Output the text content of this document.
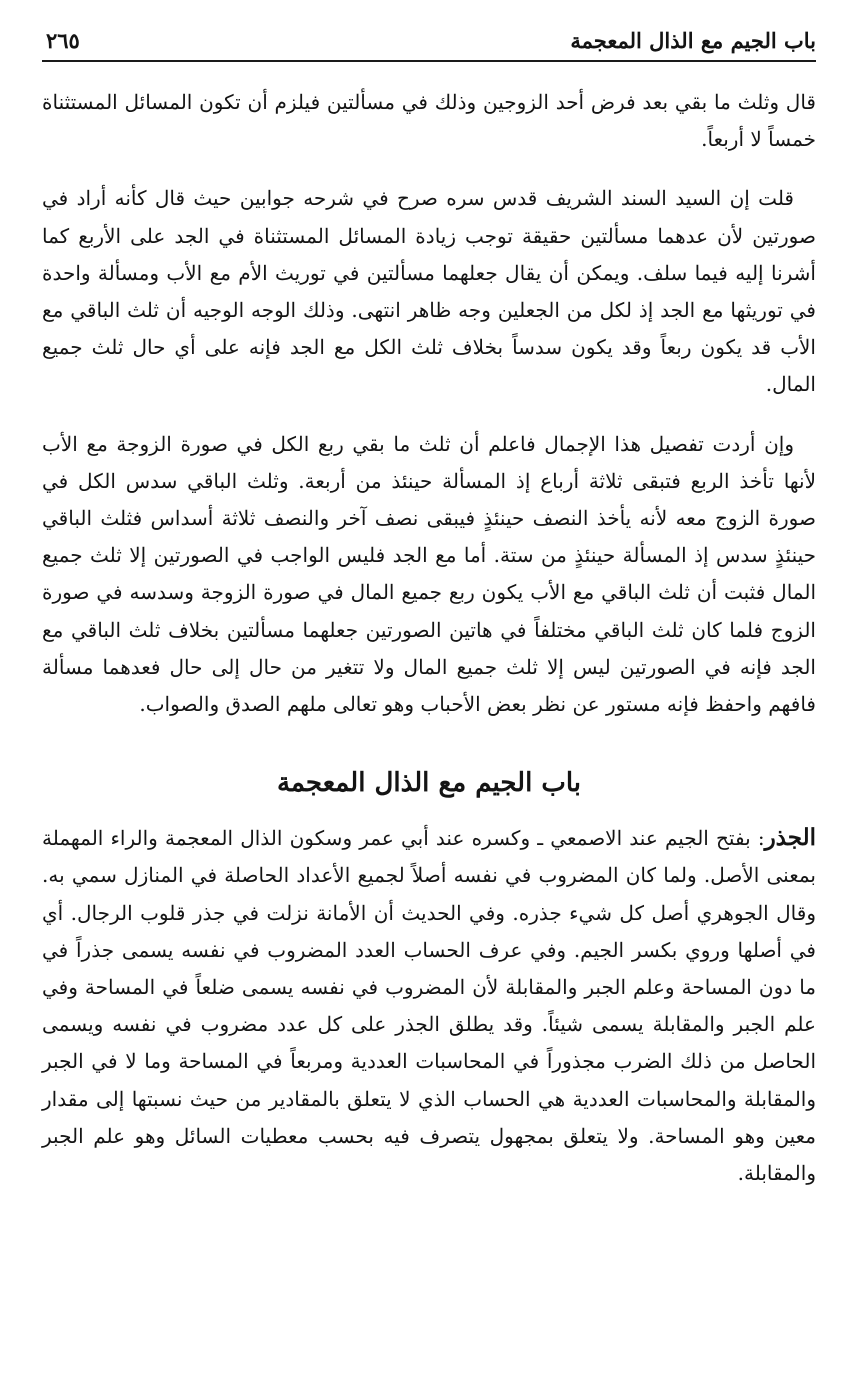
باب الجيم مع الذال المعجمة
٢٦٥

قال وثلث ما بقي بعد فرض أحد الزوجين وذلك في مسألتين فيلزم أن تكون المسائل المستثناة خمساً لا أربعاً.

قلت إن السيد السند الشريف قدس سره صرح في شرحه جوابين حيث قال كأنه أراد في صورتين لأن عدهما مسألتين حقيقة توجب زيادة المسائل المستثناة في الجد على الأربع كما أشرنا إليه فيما سلف. ويمكن أن يقال جعلهما مسألتين في توريث الأم مع الأب ومسألة واحدة في توريثها مع الجد إذ لكل من الجعلين وجه ظاهر انتهى. وذلك الوجه الوجيه أن ثلث الباقي مع الأب قد يكون ربعاً وقد يكون سدساً بخلاف ثلث الكل مع الجد فإنه على أي حال ثلث جميع المال.

وإن أردت تفصيل هذا الإجمال فاعلم أن ثلث ما بقي ربع الكل في صورة الزوجة مع الأب لأنها تأخذ الربع فتبقى ثلاثة أرباع إذ المسألة حينئذ من أربعة. وثلث الباقي سدس الكل في صورة الزوج معه لأنه يأخذ النصف حينئذٍ فيبقى نصف آخر والنصف ثلاثة أسداس فثلث الباقي حينئذٍ سدس إذ المسألة حينئذٍ من ستة. أما مع الجد فليس الواجب في الصورتين إلا ثلث جميع المال فثبت أن ثلث الباقي مع الأب يكون ربع جميع المال في صورة الزوجة وسدسه في صورة الزوج فلما كان ثلث الباقي مختلفاً في هاتين الصورتين جعلهما مسألتين بخلاف ثلث الباقي مع الجد فإنه في الصورتين ليس إلا ثلث جميع المال ولا تتغير من حال إلى حال فعدهما مسألة فافهم واحفظ فإنه مستور عن نظر بعض الأحباب وهو تعالى ملهم الصدق والصواب.

باب الجيم مع الذال المعجمة

الجذر: بفتح الجيم عند الاصمعي ـ وكسره عند أبي عمر وسكون الذال المعجمة والراء المهملة بمعنى الأصل. ولما كان المضروب في نفسه أصلاً لجميع الأعداد الحاصلة في المنازل سمي به. وقال الجوهري أصل كل شيء جذره. وفي الحديث أن الأمانة نزلت في جذر قلوب الرجال. أي في أصلها وروي بكسر الجيم. وفي عرف الحساب العدد المضروب في نفسه يسمى جذراً في ما دون المساحة وعلم الجبر والمقابلة لأن المضروب في نفسه يسمى ضلعاً في المساحة وفي علم الجبر والمقابلة يسمى شيئاً. وقد يطلق الجذر على كل عدد مضروب في نفسه ويسمى الحاصل من ذلك الضرب مجذوراً في المحاسبات العددية ومربعاً في المساحة وما لا في الجبر والمقابلة والمحاسبات العددية هي الحساب الذي لا يتعلق بالمقادير من حيث نسبتها إلى مقدار معين وهو المساحة. ولا يتعلق بمجهول يتصرف فيه بحسب معطيات السائل وهو علم الجبر والمقابلة.
